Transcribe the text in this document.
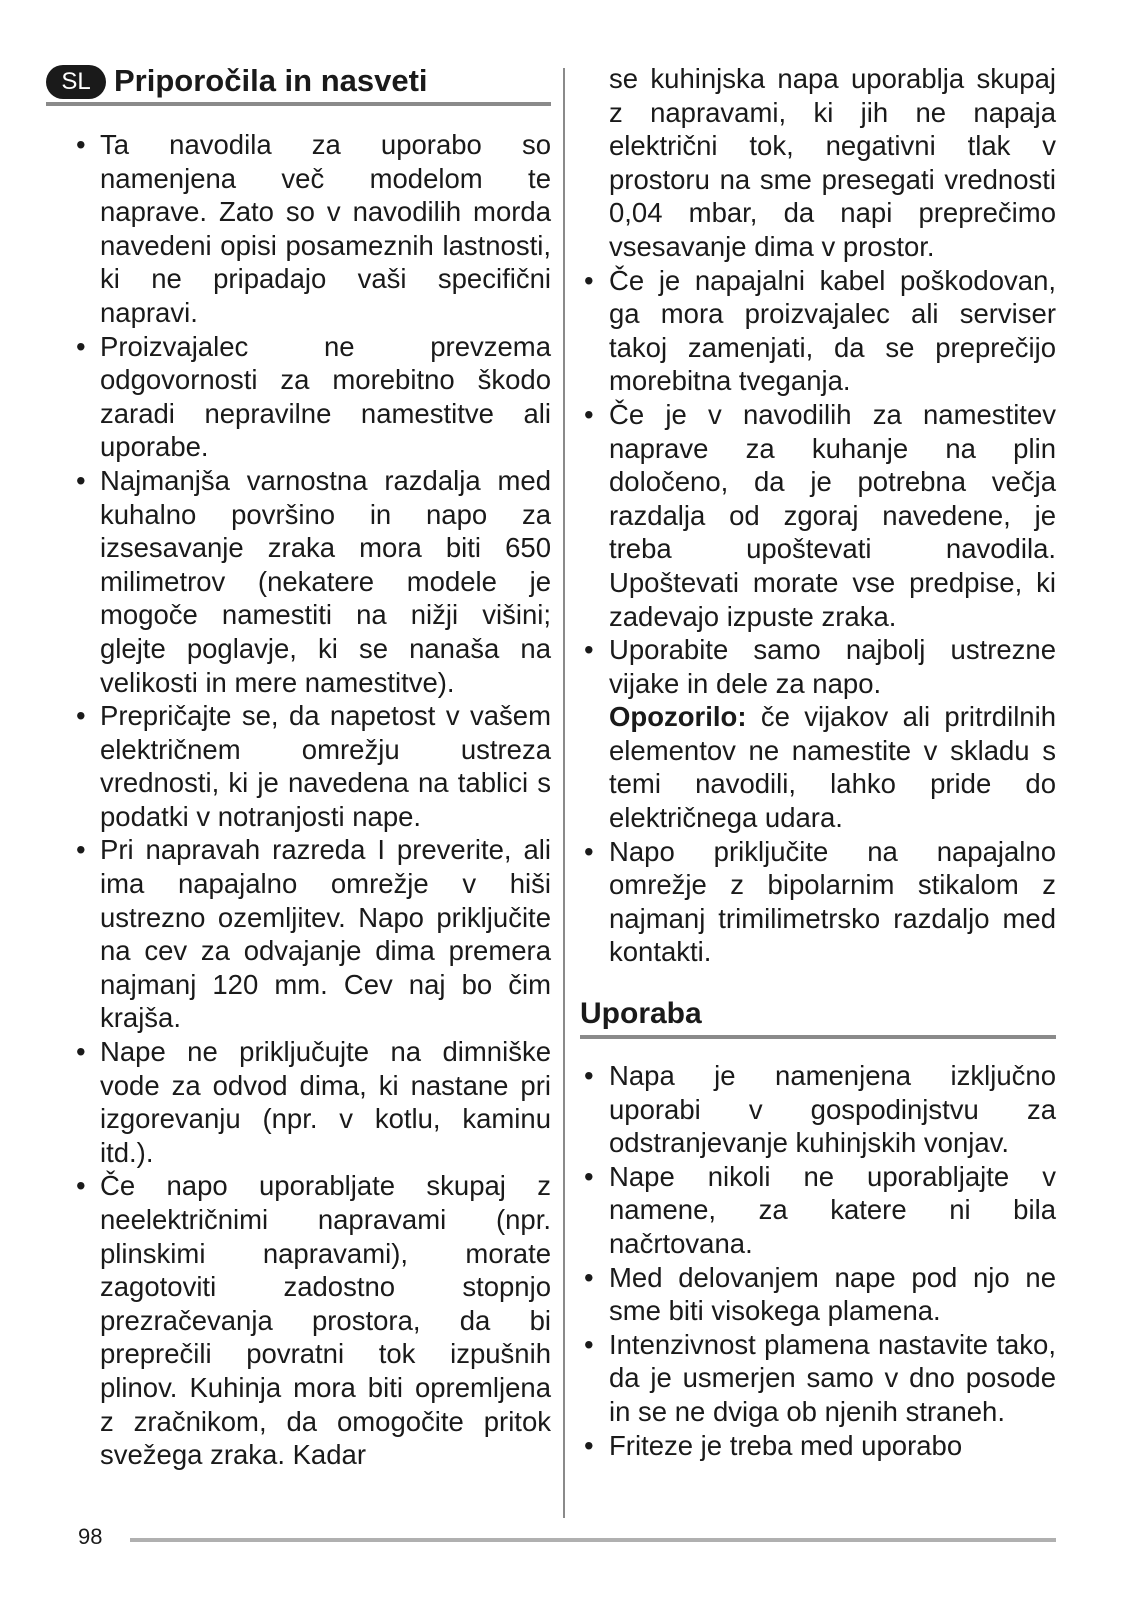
SL Priporočila in nasveti
• Ta navodila za uporabo so namenjena več modelom te naprave. Zato so v navodilih morda navedeni opisi posameznih lastnosti, ki ne pripadajo vaši specifični napravi.
• Proizvajalec ne prevzema odgovornosti za morebitno škodo zaradi nepravilne namestitve ali uporabe.
• Najmanjša varnostna razdalja med kuhalno površino in napo za izsesavanje zraka mora biti 650 milimetrov (nekatere modele je mogoče namestiti na nižji višini; glejte poglavje, ki se nanaša na velikosti in mere namestitve).
• Prepričajte se, da napetost v vašem električnem omrežju ustreza vrednosti, ki je navedena na tablici s podatki v notranjosti nape.
• Pri napravah razreda I preverite, ali ima napajalno omrežje v hiši ustrezno ozemljitev. Napo priključite na cev za odvajanje dima premera najmanj 120 mm. Cev naj bo čim krajša.
• Nape ne priključujte na dimniške vode za odvod dima, ki nastane pri izgorevanju (npr. v kotlu, kaminu itd.).
• Če napo uporabljate skupaj z neelektričnimi napravami (npr. plinskimi napravami), morate zagotoviti zadostno stopnjo prezračevanja prostora, da bi preprečili povratni tok izpušnih plinov. Kuhinja mora biti opremljena z zračnikom, da omogočite pritok svežega zraka. Kadar

se kuhinjska napa uporablja skupaj z napravami, ki jih ne napaja električni tok, negativni tlak v prostoru na sme presegati vrednosti 0,04 mbar, da napi preprečimo vsesavanje dima v prostor.

• Če je napajalni kabel poškodovan, ga mora proizvajalec ali serviser takoj zamenjati, da se preprečijo morebitna tveganja.
• Če je v navodilih za namestitev naprave za kuhanje na plin določeno, da je potrebna večja razdalja od zgoraj navedene, je treba upoštevati navodila. Upoštevati morate vse predpise, ki zadevajo izpuste zraka.
• Uporabite samo najbolj ustrezne vijake in dele za napo.

Opozorilo: če vijakov ali pritrdilnih elementov ne namestite v skladu s temi navodili, lahko pride do električnega udara.

• Napo priključite na napajalno omrežje z bipolarnim stikalom z najmanj trimilimetrsko razdaljo med kontakti.
Uporaba
• Napa je namenjena izključno uporabi v gospodinjstvu za odstranjevanje kuhinjskih vonjav.
• Nape nikoli ne uporabljajte v namene, za katere ni bila načrtovana.
• Med delovanjem nape pod njo ne sme biti visokega plamena.
• Intenzivnost plamena nastavite tako, da je usmerjen samo v dno posode in se ne dviga ob njenih straneh.
• Friteze je treba med uporabo
98
